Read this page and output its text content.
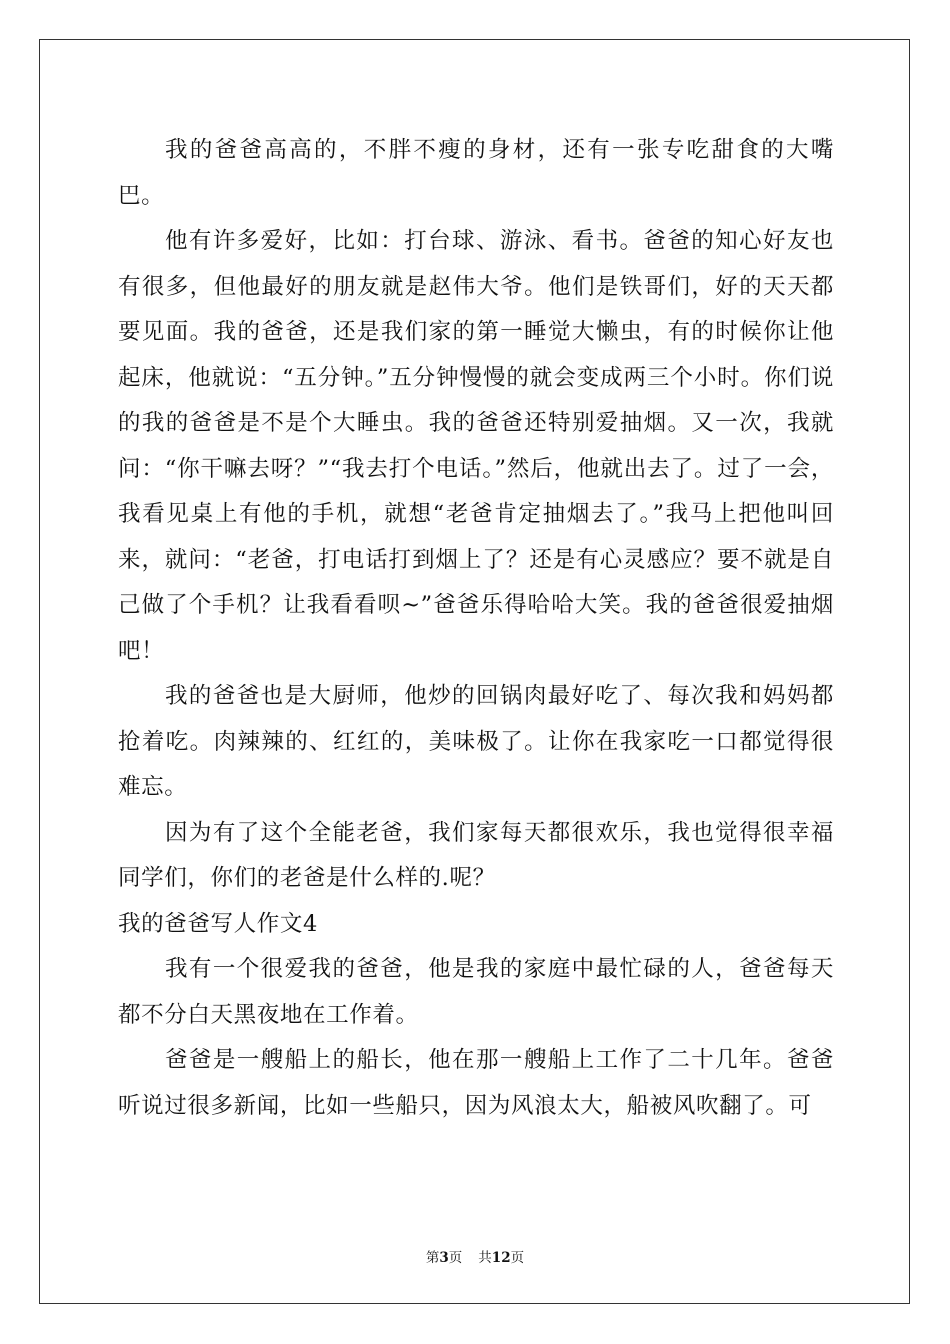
我的爸爸高高的，不胖不瘦的身材，还有一张专吃甜食的大嘴巴。

他有许多爱好，比如：打台球、游泳、看书。爸爸的知心好友也有很多，但他最好的朋友就是赵伟大爷。他们是铁哥们，好的天天都要见面。我的爸爸，还是我们家的第一睡觉大懒虫，有的时候你让他起床，他就说：“五分钟。”五分钟慢慢的就会变成两三个小时。你们说的我的爸爸是不是个大睡虫。我的爸爸还特别爱抽烟。又一次，我就问：“你干嘛去呀？”“我去打个电话。”然后，他就出去了。过了一会，我看见桌上有他的手机，就想“老爸肯定抽烟去了。”我马上把他叫回来，就问：“老爸，打电话打到烟上了？还是有心灵感应？要不就是自己做了个手机？让我看看呗~”爸爸乐得哈哈大笑。我的爸爸很爱抽烟吧！

我的爸爸也是大厨师，他炒的回锅肉最好吃了、每次我和妈妈都抢着吃。肉辣辣的、红红的，美味极了。让你在我家吃一口都觉得很难忘。

因为有了这个全能老爸，我们家每天都很欢乐，我也觉得很幸福同学们，你们的老爸是什么样的.呢？

我的爸爸写人作文4

我有一个很爱我的爸爸，他是我的家庭中最忙碌的人，爸爸每天都不分白天黑夜地在工作着。

爸爸是一艘船上的船长，他在那一艘船上工作了二十几年。爸爸听说过很多新闻，比如一些船只，因为风浪太大，船被风吹翻了。可

第3页 共12页
